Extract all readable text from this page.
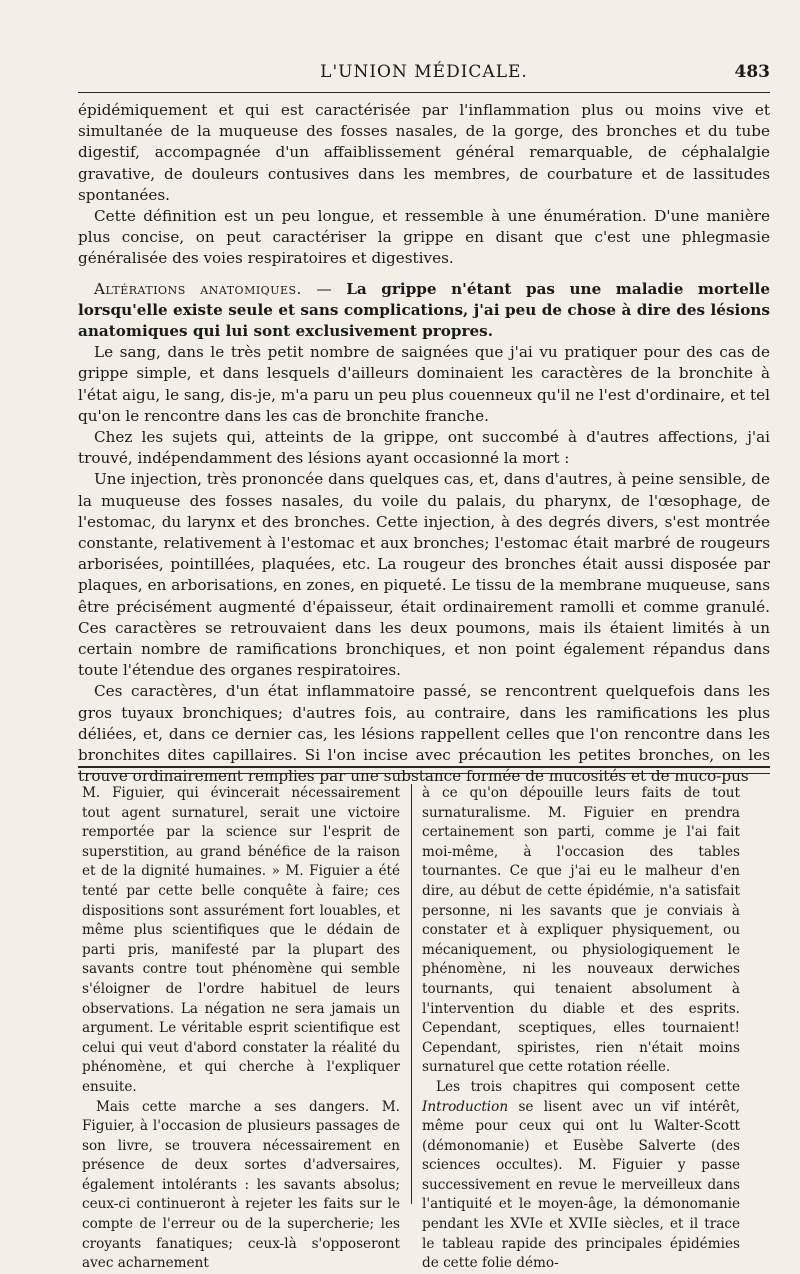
L'UNION MÉDICALE.	483

épidémiquement et qui est caractérisée par l'inflammation plus ou moins vive et simultanée de la muqueuse des fosses nasales, de la gorge, des bronches et du tube digestif, accompagnée d'un affaiblissement général remarquable, de céphalalgie gravative, de douleurs contusives dans les membres, de courbature et de lassitudes spontanées.

Cette définition est un peu longue, et ressemble à une énumération. D'une manière plus concise, on peut caractériser la grippe en disant que c'est une phlegmasie généralisée des voies respiratoires et digestives.

Altérations anatomiques. — La grippe n'étant pas une maladie mortelle lorsqu'elle existe seule et sans complications, j'ai peu de chose à dire des lésions anatomiques qui lui sont exclusivement propres.

Le sang, dans le très petit nombre de saignées que j'ai vu pratiquer pour des cas de grippe simple, et dans lesquels d'ailleurs dominaient les caractères de la bronchite à l'état aigu, le sang, dis-je, m'a paru un peu plus couenneux qu'il ne l'est d'ordinaire, et tel qu'on le rencontre dans les cas de bronchite franche.

Chez les sujets qui, atteints de la grippe, ont succombé à d'autres affections, j'ai trouvé, indépendamment des lésions ayant occasionné la mort :

Une injection, très prononcée dans quelques cas, et, dans d'autres, à peine sensible, de la muqueuse des fosses nasales, du voile du palais, du pharynx, de l'œsophage, de l'estomac, du larynx et des bronches. Cette injection, à des degrés divers, s'est montrée constante, relativement à l'estomac et aux bronches; l'estomac était marbré de rougeurs arborisées, pointillées, plaquées, etc. La rougeur des bronches était aussi disposée par plaques, en arborisations, en zones, en piqueté. Le tissu de la membrane muqueuse, sans être précisément augmenté d'épaisseur, était ordinairement ramolli et comme granulé. Ces caractères se retrouvaient dans les deux poumons, mais ils étaient limités à un certain nombre de ramifications bronchiques, et non point également répandus dans toute l'étendue des organes respiratoires.

Ces caractères, d'un état inflammatoire passé, se rencontrent quelquefois dans les gros tuyaux bronchiques; d'autres fois, au contraire, dans les ramifications les plus déliées, et, dans ce dernier cas, les lésions rappellent celles que l'on rencontre dans les bronchites dites capillaires. Si l'on incise avec précaution les petites bronches, on les trouve ordinairement remplies par une substance formée de mucosités et de muco-pus

M. Figuier, qui évincerait nécessairement tout agent surnaturel, serait une victoire remportée par la science sur l'esprit de superstition, au grand bénéfice de la raison et de la dignité humaines. » M. Figuier a été tenté par cette belle conquête à faire; ces dispositions sont assurément fort louables, et même plus scientifiques que le dédain de parti pris, manifesté par la plupart des savants contre tout phénomène qui semble s'éloigner de l'ordre habituel de leurs observations. La négation ne sera jamais un argument. Le véritable esprit scientifique est celui qui veut d'abord constater la réalité du phénomène, et qui cherche à l'expliquer ensuite.

Mais cette marche a ses dangers. M. Figuier, à l'occasion de plusieurs passages de son livre, se trouvera nécessairement en présence de deux sortes d'adversaires, également intolérants : les savants absolus; ceux-ci continueront à rejeter les faits sur le compte de l'erreur ou de la supercherie; les croyants fanatiques; ceux-là s'opposeront avec acharnement

à ce qu'on dépouille leurs faits de tout surnaturalisme. M. Figuier en prendra certainement son parti, comme je l'ai fait moi-même, à l'occasion des tables tournantes. Ce que j'ai eu le malheur d'en dire, au début de cette épidémie, n'a satisfait personne, ni les savants que je conviais à constater et à expliquer physiquement, ou mécaniquement, ou physiologiquement le phénomène, ni les nouveaux derwiches tournants, qui tenaient absolument à l'intervention du diable et des esprits. Cependant, sceptiques, elles tournaient! Cependant, spiristes, rien n'était moins surnaturel que cette rotation réelle.

Les trois chapitres qui composent cette Introduction se lisent avec un vif intérêt, même pour ceux qui ont lu Walter-Scott (démonomanie) et Eusèbe Salverte (des sciences occultes). M. Figuier y passe successivement en revue le merveilleux dans l'antiquité et le moyen-âge, la démonomanie pendant les XVIe et XVIIe siècles, et il trace le tableau rapide des principales épidémies de cette folie démo-
